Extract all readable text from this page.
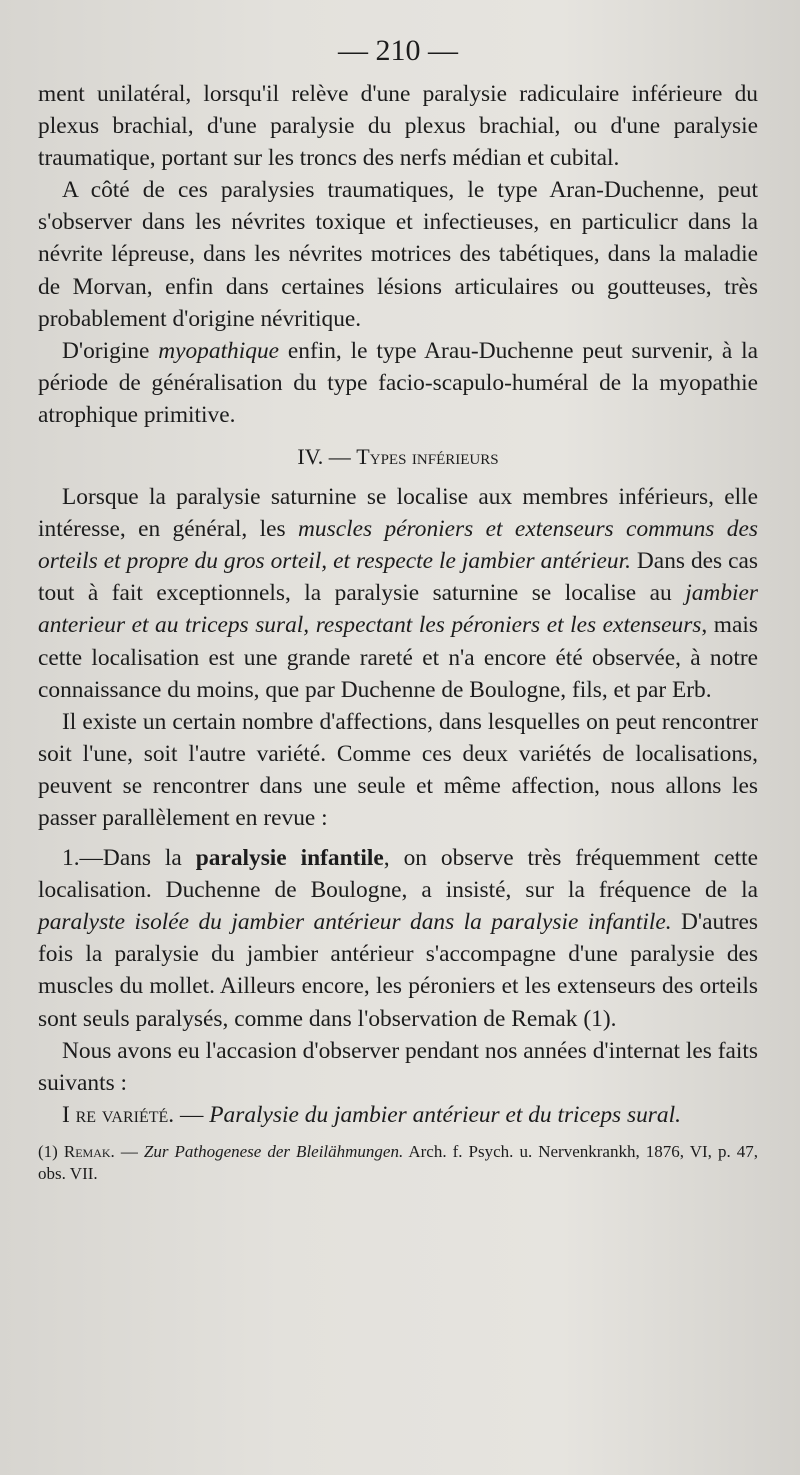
— 210 —

ment unilatéral, lorsqu'il relève d'une paralysie radiculaire inférieure du plexus brachial, d'une paralysie du plexus brachial, ou d'une paralysie traumatique, portant sur les troncs des nerfs médian et cubital.

A côté de ces paralysies traumatiques, le type Aran-Duchenne, peut s'observer dans les névrites toxique et infectieuses, en particulicr dans la névrite lépreuse, dans les névrites motrices des tabétiques, dans la maladie de Morvan, enfin dans certaines lésions articulaires ou goutteuses, très probablement d'origine névritique.

D'origine myopathique enfin, le type Arau-Duchenne peut survenir, à la période de généralisation du type facio-scapulo-huméral de la myopathie atrophique primitive.

IV. — Types inférieurs

Lorsque la paralysie saturnine se localise aux membres inférieurs, elle intéresse, en général, les muscles péroniers et extenseurs communs des orteils et propre du gros orteil, et respecte le jambier antérieur. Dans des cas tout à fait exceptionnels, la paralysie saturnine se localise au jambier anterieur et au triceps sural, respectant les péroniers et les extenseurs, mais cette localisation est une grande rareté et n'a encore été observée, à notre connaissance du moins, que par Duchenne de Boulogne, fils, et par Erb.

Il existe un certain nombre d'affections, dans lesquelles on peut rencontrer soit l'une, soit l'autre variété. Comme ces deux variétés de localisations, peuvent se rencontrer dans une seule et même affection, nous allons les passer parallèlement en revue :

1.—Dans la paralysie infantile, on observe très fréquemment cette localisation. Duchenne de Boulogne, a insisté, sur la fréquence de la paralyste isolée du jambier antérieur dans la paralysie infantile. D'autres fois la paralysie du jambier antérieur s'accompagne d'une paralysie des muscles du mollet. Ailleurs encore, les péroniers et les extenseurs des orteils sont seuls paralysés, comme dans l'observation de Remak (1).

Nous avons eu l'accasion d'observer pendant nos années d'internat les faits suivants :

I re variété. — Paralysie du jambier antérieur et du triceps sural.

(1) Remak. — Zur Pathogenese der Bleilähmungen. Arch. f. Psych. u. Nervenkrankh, 1876, VI, p. 47, obs. VII.
